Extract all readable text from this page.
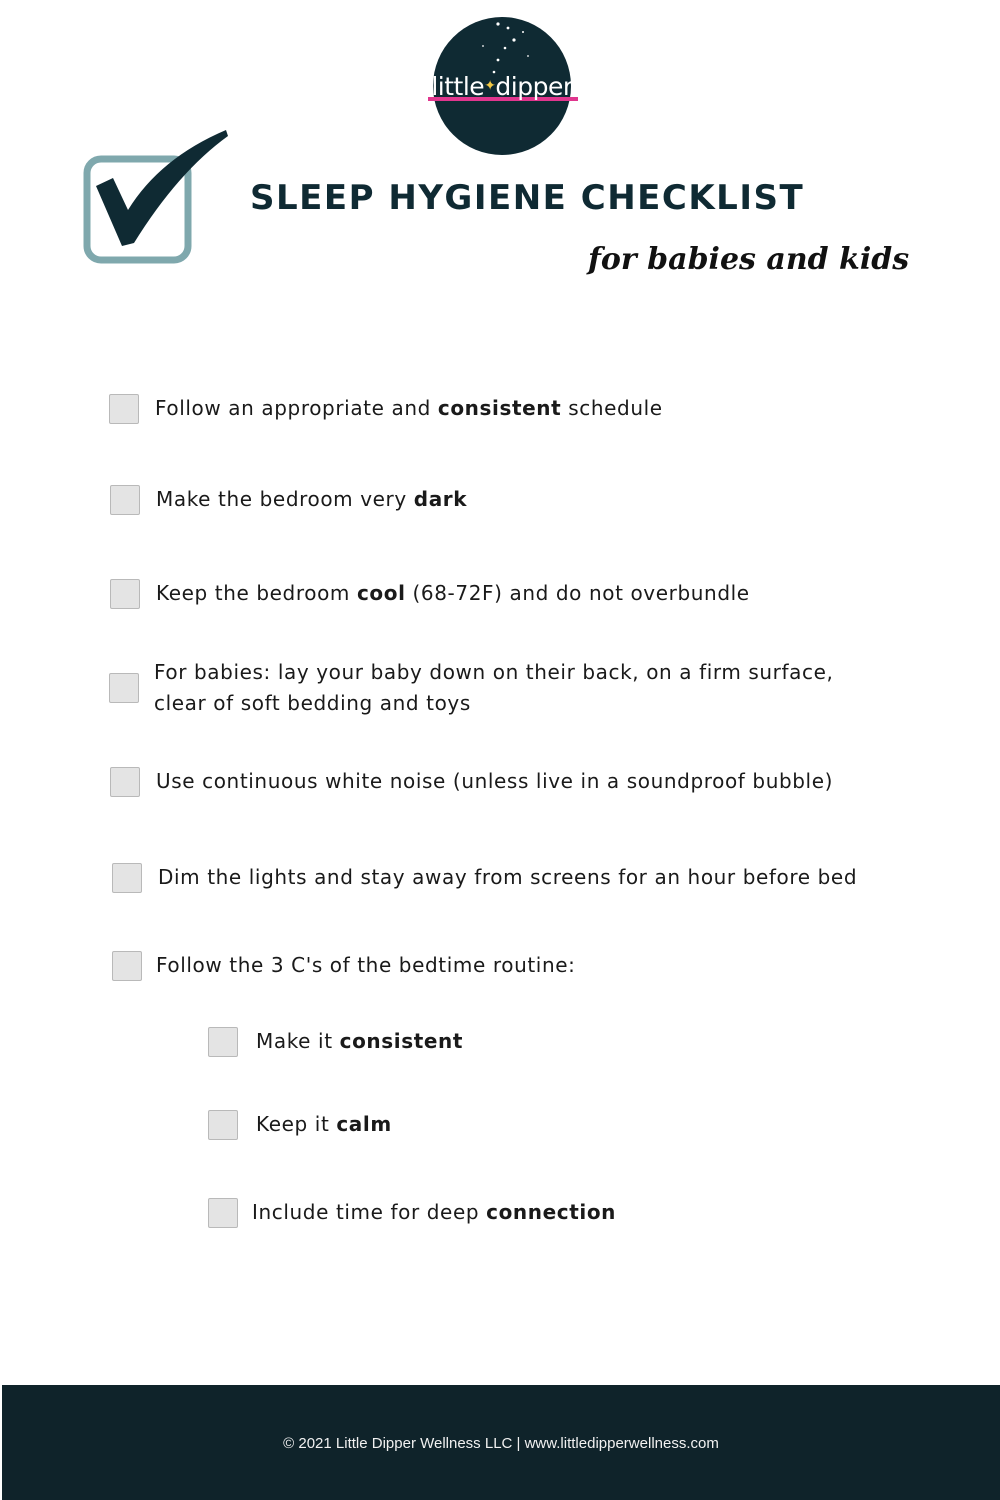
little✦dipper
SLEEP HYGIENE CHECKLIST
for babies and kids
Follow an appropriate and consistent schedule
Make the bedroom very dark
Keep the bedroom cool (68-72F) and do not overbundle
For babies: lay your baby down on their back, on a firm surface,
clear of soft bedding and toys
Use continuous white noise (unless live in a soundproof bubble)
Dim the lights and stay away from screens for an hour before bed
Follow the 3 C's of the bedtime routine:
Make it consistent
Keep it calm
Include time for deep connection
© 2021 Little Dipper Wellness LLC | www.littledipperwellness.com
